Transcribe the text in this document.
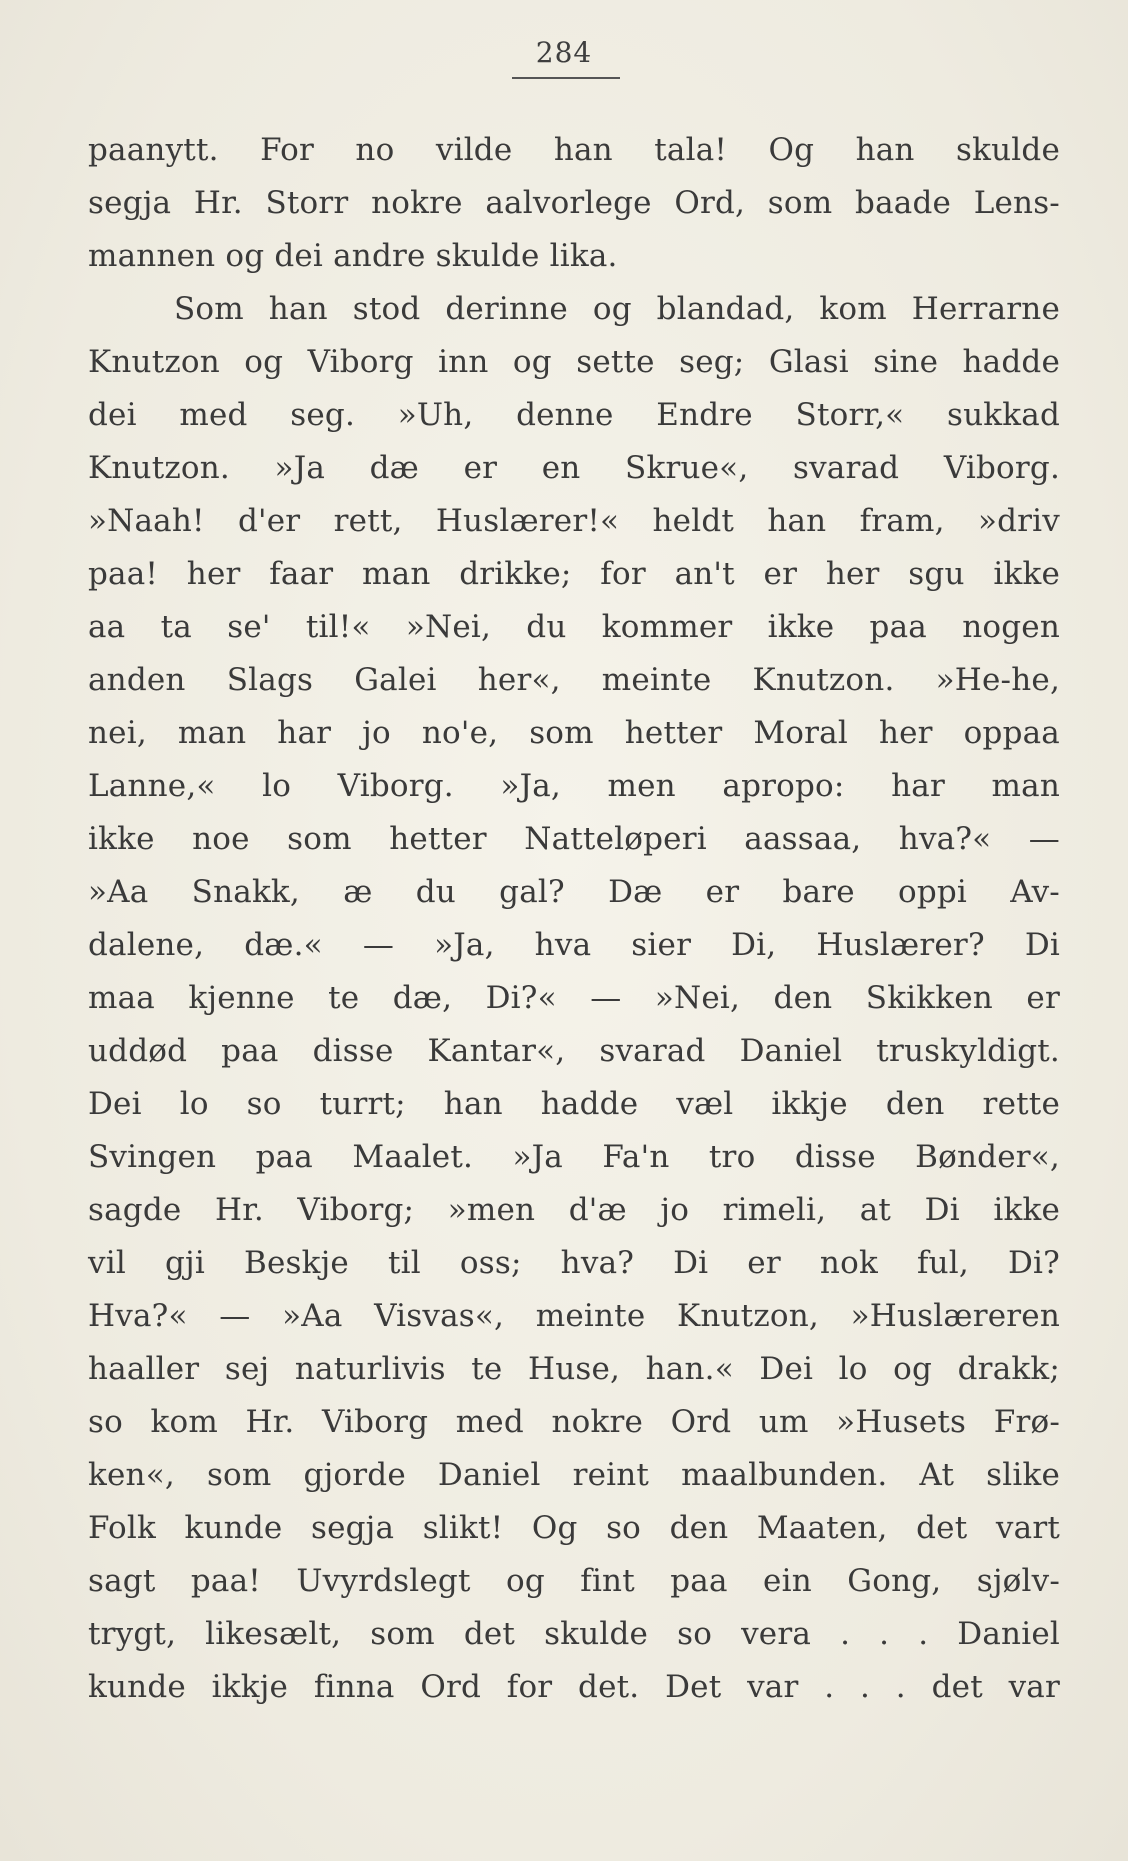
284
paanytt. For no vilde han tala! Og han skulde
segja Hr. Storr nokre aalvorlege Ord, som baade Lens-
mannen og dei andre skulde lika.
Som han stod derinne og blandad, kom Herrarne
Knutzon og Viborg inn og sette seg; Glasi sine hadde
dei med seg. »Uh, denne Endre Storr,« sukkad
Knutzon. »Ja dæ er en Skrue«, svarad Viborg.
»Naah! d'er rett, Huslærer!« heldt han fram, »driv
paa! her faar man drikke; for an't er her sgu ikke
aa ta se' til!« »Nei, du kommer ikke paa nogen
anden Slags Galei her«, meinte Knutzon. »He-he,
nei, man har jo no'e, som hetter Moral her oppaa
Lanne,« lo Viborg. »Ja, men apropo: har man
ikke noe som hetter Natteløperi aassaa, hva?« —
»Aa Snakk, æ du gal? Dæ er bare oppi Av-
dalene, dæ.« — »Ja, hva sier Di, Huslærer? Di
maa kjenne te dæ, Di?« — »Nei, den Skikken er
uddød paa disse Kantar«, svarad Daniel truskyldigt.
Dei lo so turrt; han hadde væl ikkje den rette
Svingen paa Maalet. »Ja Fa'n tro disse Bønder«,
sagde Hr. Viborg; »men d'æ jo rimeli, at Di ikke
vil gji Beskje til oss; hva? Di er nok ful, Di?
Hva?« — »Aa Visvas«, meinte Knutzon, »Huslæreren
haaller sej naturlivis te Huse, han.« Dei lo og drakk;
so kom Hr. Viborg med nokre Ord um »Husets Frø-
ken«, som gjorde Daniel reint maalbunden. At slike
Folk kunde segja slikt! Og so den Maaten, det vart
sagt paa! Uvyrdslegt og fint paa ein Gong, sjølv-
trygt, likesælt, som det skulde so vera . . . Daniel
kunde ikkje finna Ord for det. Det var . . . det var
